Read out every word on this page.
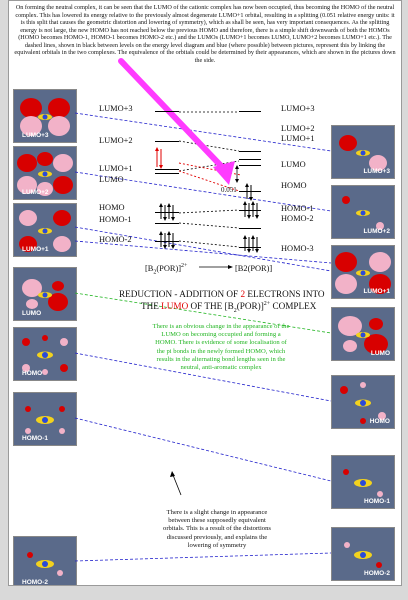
On forming the neutral complex, it can be seen that the LUMO of the cationic complex has now been occupied, thus becoming the HOMO of the neutral complex. This has lowered its energy relative to the previously almost degenerate LUMO+1 orbital, resulting in a splitting (0.051 relative energy units: it is this split that causes the geometric distortion and lowering of symmetry), which as shall be seen, has very important consequences. As the splitting energy is not large, the new HOMO has not reached below the previous HOMO and therefore, there is a simple shift downwards of both the HOMOs (HOMO becomes HOMO-1, HOMO-1 becomes HOMO-2 etc.) and the LUMOs (LUMO+1 becomes LUMO, LUMO+2 becomes LUMO+1 etc.). The dashed lines, shown in black between levels on the energy level diagram and blue (where possible) between pictures, represent this by linking the equivalent orbitals in the two complexes. The equivalence of the orbitals could be determined by their appearances, which are shown in the pictures down the side.

LUMO+3
LUMO+2
LUMO+1
LUMO
HOMO
HOMO-1
HOMO-2
LUMO+3
LUMO+2
LUMO+1
LUMO
HOMO
HOMO-1
HOMO-2
LUMO+3
LUMO+2
LUMO+1
LUMO
HOMO
HOMO-1
HOMO-2
LUMO+3
LUMO+2
LUMO+1
LUMO
HOMO
HOMO-1
HOMO-2
HOMO-3
0.051
$[B_2(POR)]^{2+}$	[B2(POR)]
REDUCTION - ADDITION OF 2 ELECTRONS INTO
THE LUMO OF THE $[B_2(POR)]^{2+}$ COMPLEX
There is an obvious change in the appearance of the LUMO on becoming occupied and forming a HOMO. There is evidence of some localisation of the pi bonds in the newly formed HOMO, which results in the alternating bond lengths seen in the neutral, anti-aromatic complex
There is a slight change in appearance between these supposedly equivalent orbitals. This is a result of the distortions discussed previously, and explains the lowering of symmetry
